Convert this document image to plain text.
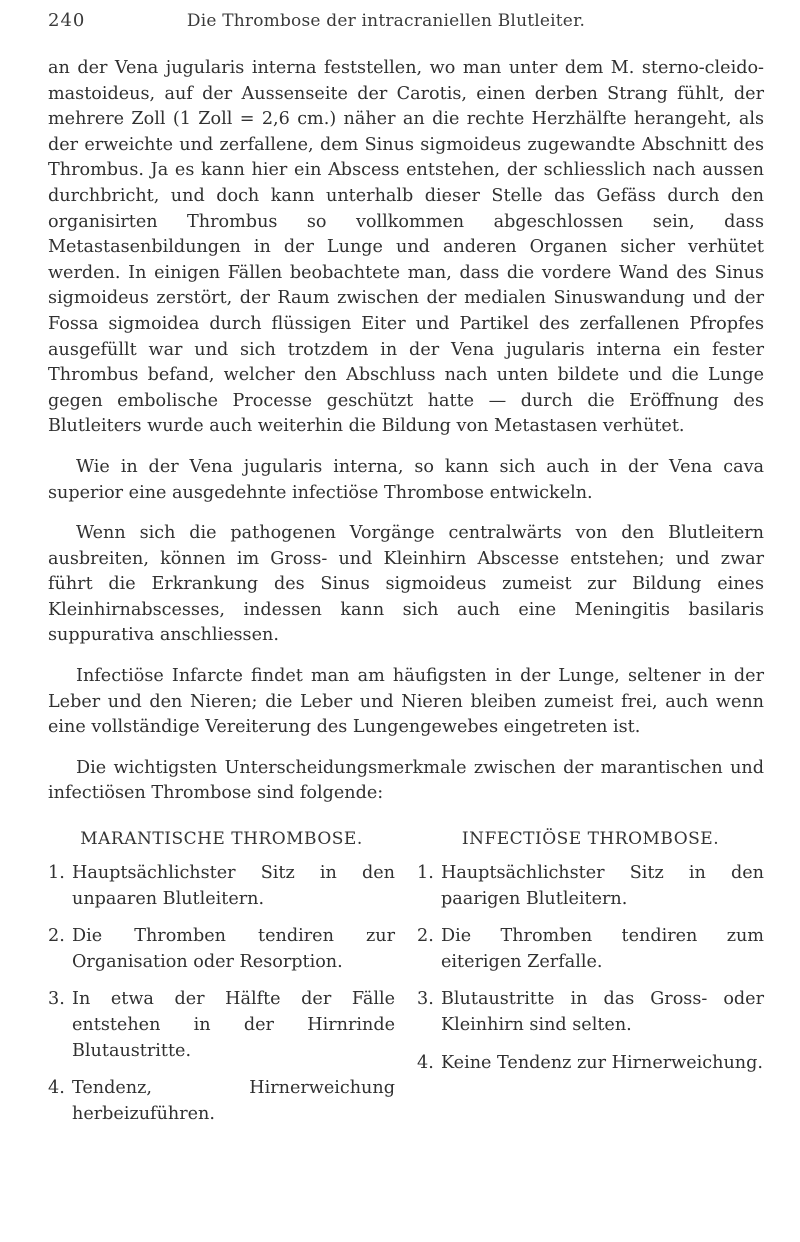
240	Die Thrombose der intracraniellen Blutleiter.

an der Vena jugularis interna feststellen, wo man unter dem M. sterno-cleido-mastoideus, auf der Aussenseite der Carotis, einen derben Strang fühlt, der mehrere Zoll (1 Zoll = 2,6 cm.) näher an die rechte Herzhälfte herangeht, als der erweichte und zerfallene, dem Sinus sigmoideus zugewandte Abschnitt des Thrombus. Ja es kann hier ein Abscess entstehen, der schliesslich nach aussen durchbricht, und doch kann unterhalb dieser Stelle das Gefäss durch den organisirten Thrombus so vollkommen abgeschlossen sein, dass Metastasenbildungen in der Lunge und anderen Organen sicher verhütet werden. In einigen Fällen beobachtete man, dass die vordere Wand des Sinus sigmoideus zerstört, der Raum zwischen der medialen Sinuswandung und der Fossa sigmoidea durch flüssigen Eiter und Partikel des zerfallenen Pfropfes ausgefüllt war und sich trotzdem in der Vena jugularis interna ein fester Thrombus befand, welcher den Abschluss nach unten bildete und die Lunge gegen embolische Processe geschützt hatte — durch die Eröffnung des Blutleiters wurde auch weiterhin die Bildung von Metastasen verhütet.

Wie in der Vena jugularis interna, so kann sich auch in der Vena cava superior eine ausgedehnte infectiöse Thrombose entwickeln.

Wenn sich die pathogenen Vorgänge centralwärts von den Blutleitern ausbreiten, können im Gross- und Kleinhirn Abscesse entstehen; und zwar führt die Erkrankung des Sinus sigmoideus zumeist zur Bildung eines Kleinhirnabscesses, indessen kann sich auch eine Meningitis basilaris suppurativa anschliessen.

Infectiöse Infarcte findet man am häufigsten in der Lunge, seltener in der Leber und den Nieren; die Leber und Nieren bleiben zumeist frei, auch wenn eine vollständige Vereiterung des Lungengewebes eingetreten ist.

Die wichtigsten Unterscheidungsmerkmale zwischen der marantischen und infectiösen Thrombose sind folgende:

MARANTISCHE THROMBOSE.
1. Hauptsächlichster Sitz in den unpaaren Blutleitern.
2. Die Thromben tendiren zur Organisation oder Resorption.
3. In etwa der Hälfte der Fälle entstehen in der Hirnrinde Blutaustritte.
4. Tendenz, Hirnerweichung herbeizuführen.
INFECTIÖSE THROMBOSE.
1. Hauptsächlichster Sitz in den paarigen Blutleitern.
2. Die Thromben tendiren zum eiterigen Zerfalle.
3. Blutaustritte in das Gross- oder Kleinhirn sind selten.
4. Keine Tendenz zur Hirnerweichung.
